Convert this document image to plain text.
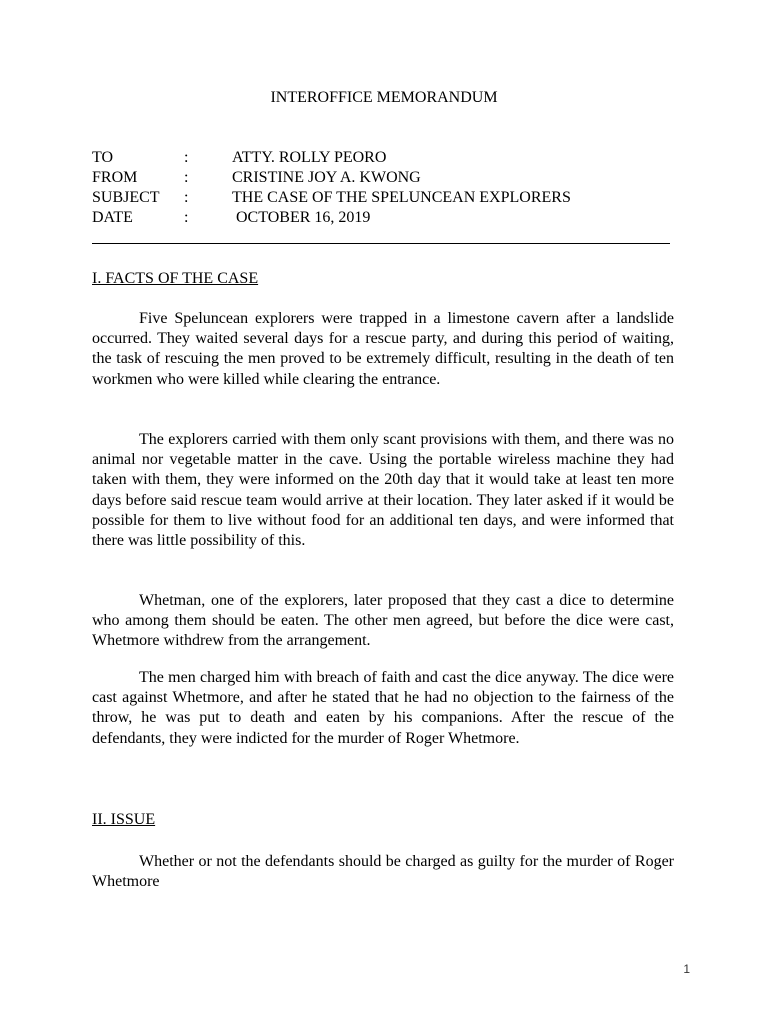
INTEROFFICE MEMORANDUM
TO	:	ATTY. ROLLY PEORO
FROM	:	CRISTINE JOY A. KWONG
SUBJECT :	THE CASE OF THE SPELUNCEAN EXPLORERS
DATE	:	OCTOBER 16, 2019
I. FACTS OF THE CASE

Five Speluncean explorers were trapped in a limestone cavern after a landslide occurred. They waited several days for a rescue party, and during this period of waiting, the task of rescuing the men proved to be extremely difficult, resulting in the death of ten workmen who were killed while clearing the entrance.

The explorers carried with them only scant provisions with them, and there was no animal nor vegetable matter in the cave. Using the portable wireless machine they had taken with them, they were informed on the 20th day that it would take at least ten more days before said rescue team would arrive at their location. They later asked if it would be possible for them to live without food for an additional ten days, and were informed that there was little possibility of this.

Whetman, one of the explorers, later proposed that they cast a dice to determine who among them should be eaten. The other men agreed, but before the dice were cast, Whetmore withdrew from the arrangement.

The men charged him with breach of faith and cast the dice anyway. The dice were cast against Whetmore, and after he stated that he had no objection to the fairness of the throw, he was put to death and eaten by his companions. After the rescue of the defendants, they were indicted for the murder of Roger Whetmore.

II. ISSUE

Whether or not the defendants should be charged as guilty for the murder of Roger Whetmore

1
